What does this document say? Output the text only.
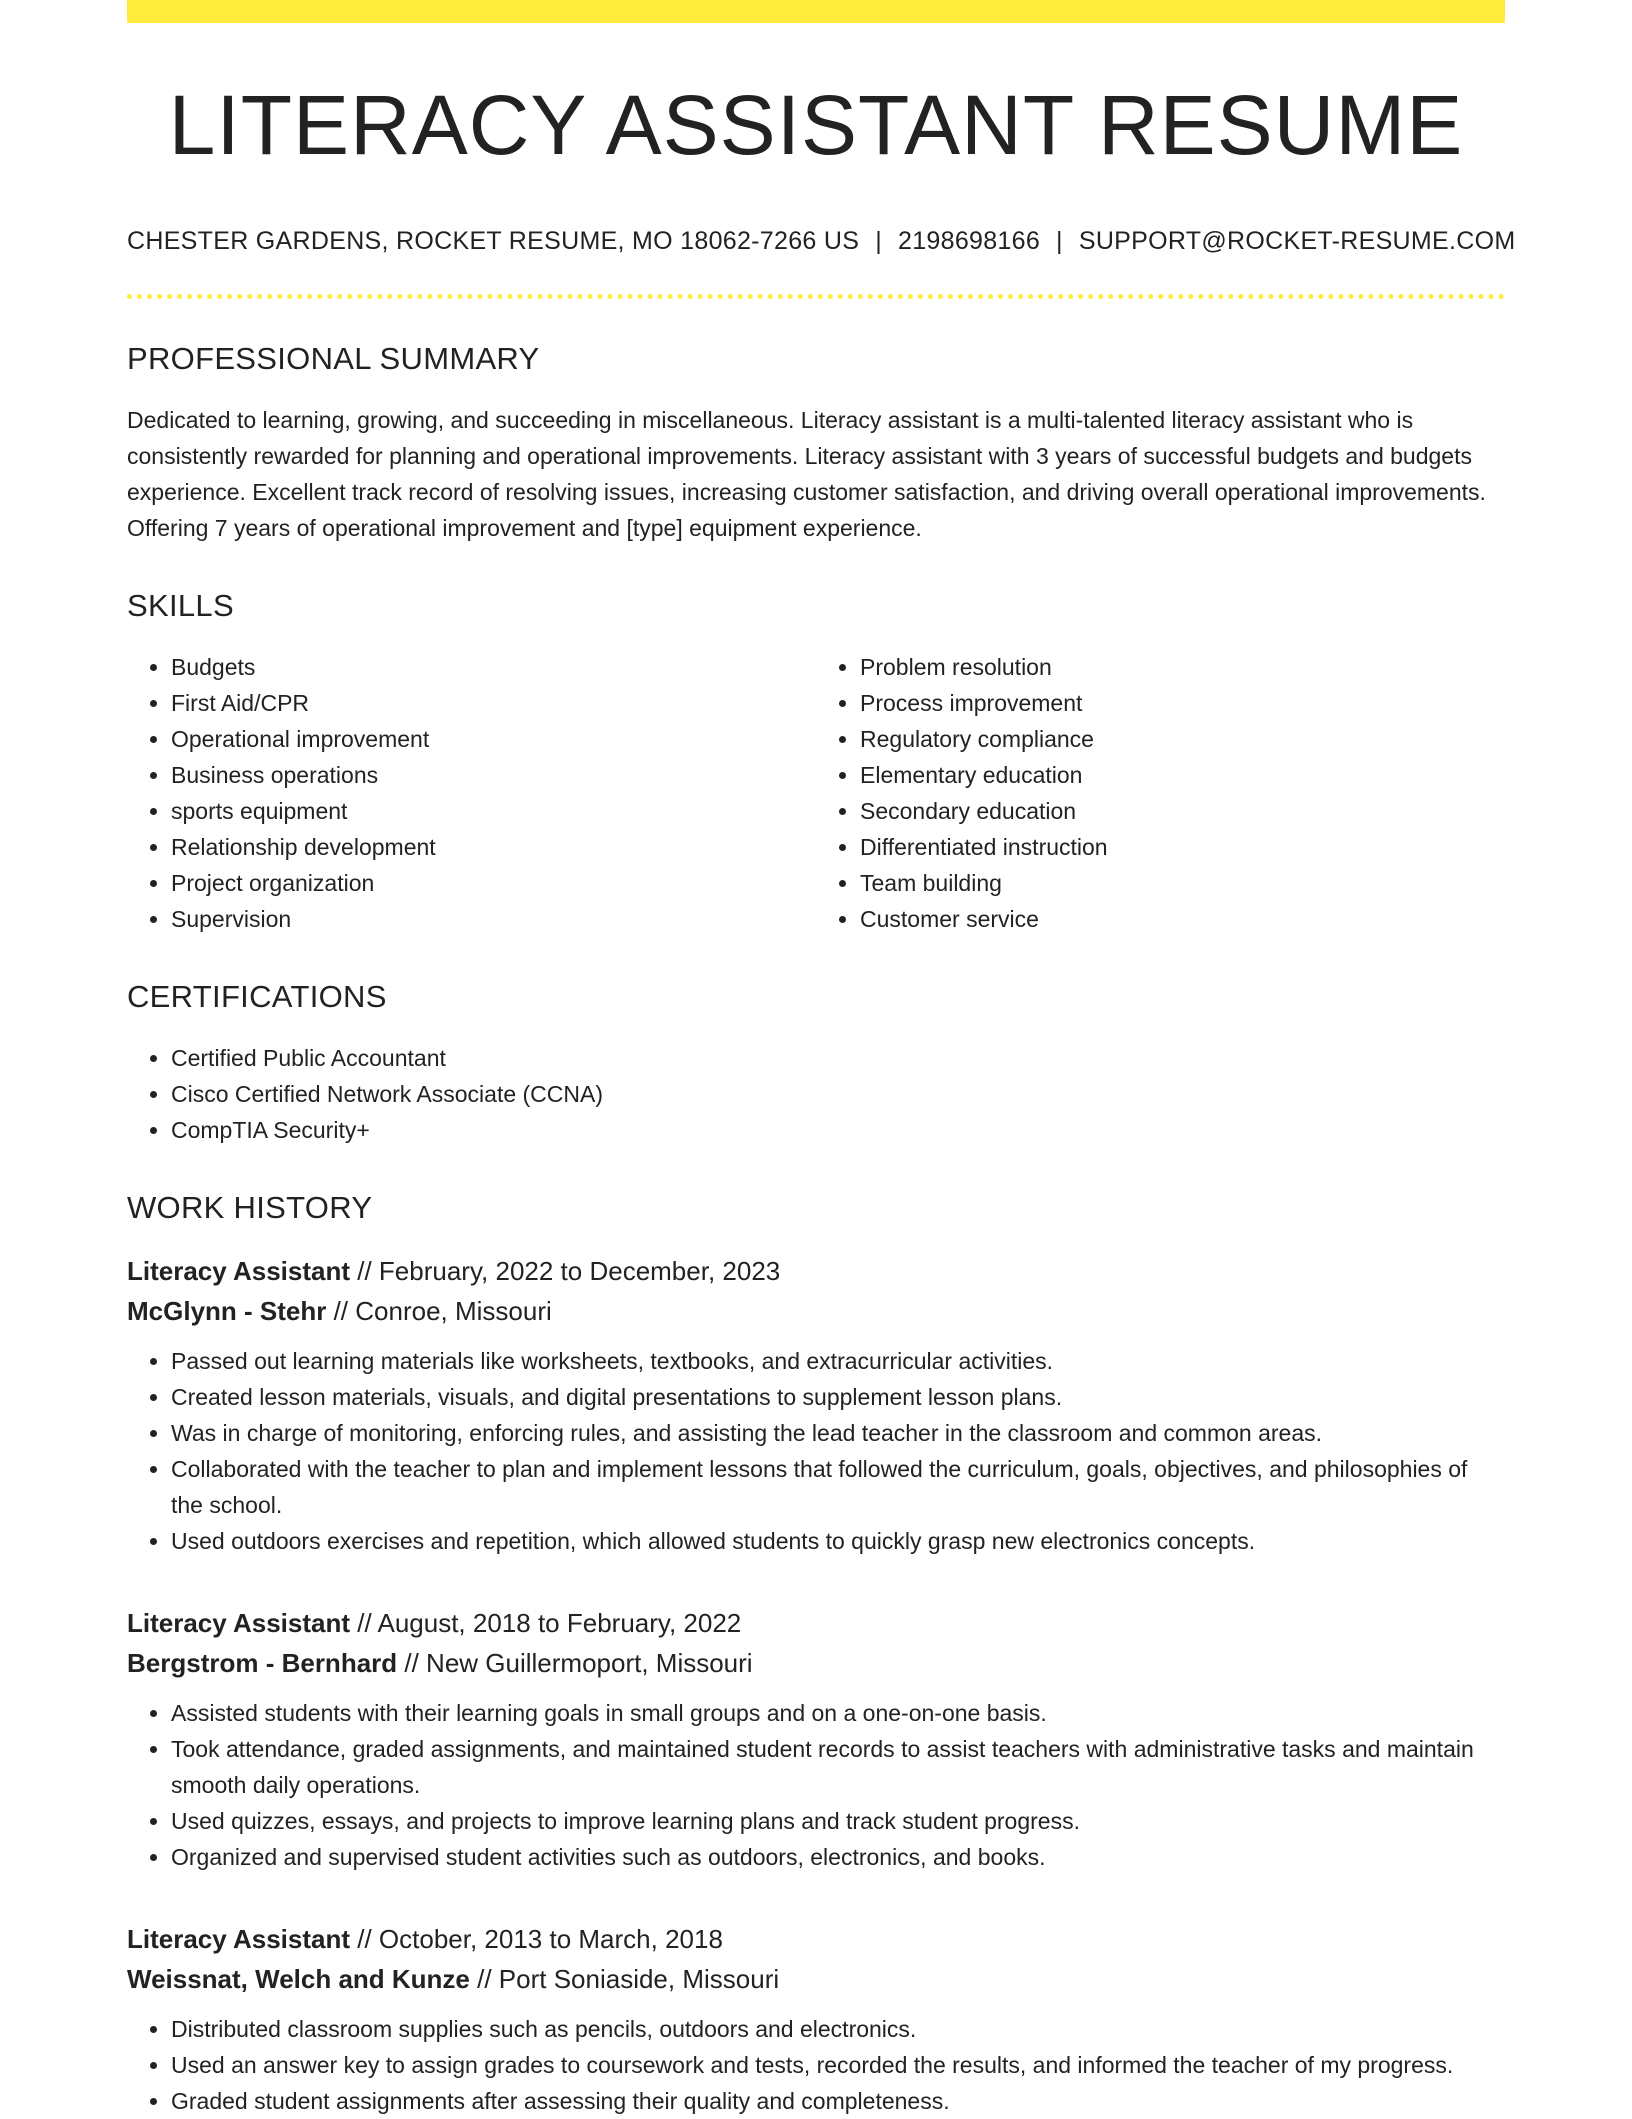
LITERACY ASSISTANT RESUME
CHESTER GARDENS, ROCKET RESUME, MO 18062-7266 US | 2198698166 | SUPPORT@ROCKET-RESUME.COM
PROFESSIONAL SUMMARY

Dedicated to learning, growing, and succeeding in miscellaneous. Literacy assistant is a multi-talented literacy assistant who is consistently rewarded for planning and operational improvements. Literacy assistant with 3 years of successful budgets and budgets experience. Excellent track record of resolving issues, increasing customer satisfaction, and driving overall operational improvements. Offering 7 years of operational improvement and [type] equipment experience.

SKILLS
• Budgets
• First Aid/CPR
• Operational improvement
• Business operations
• sports equipment
• Relationship development
• Project organization
• Supervision
• Problem resolution
• Process improvement
• Regulatory compliance
• Elementary education
• Secondary education
• Differentiated instruction
• Team building
• Customer service
CERTIFICATIONS
• Certified Public Accountant
• Cisco Certified Network Associate (CCNA)
• CompTIA Security+
WORK HISTORY
Literacy Assistant // February, 2022 to December, 2023
McGlynn - Stehr // Conroe, Missouri
• Passed out learning materials like worksheets, textbooks, and extracurricular activities.
• Created lesson materials, visuals, and digital presentations to supplement lesson plans.
• Was in charge of monitoring, enforcing rules, and assisting the lead teacher in the classroom and common areas.
• Collaborated with the teacher to plan and implement lessons that followed the curriculum, goals, objectives, and philosophies of the school.
• Used outdoors exercises and repetition, which allowed students to quickly grasp new electronics concepts.
Literacy Assistant // August, 2018 to February, 2022
Bergstrom - Bernhard // New Guillermoport, Missouri
• Assisted students with their learning goals in small groups and on a one-on-one basis.
• Took attendance, graded assignments, and maintained student records to assist teachers with administrative tasks and maintain smooth daily operations.
• Used quizzes, essays, and projects to improve learning plans and track student progress.
• Organized and supervised student activities such as outdoors, electronics, and books.
Literacy Assistant // October, 2013 to March, 2018
Weissnat, Welch and Kunze // Port Soniaside, Missouri
• Distributed classroom supplies such as pencils, outdoors and electronics.
• Used an answer key to assign grades to coursework and tests, recorded the results, and informed the teacher of my progress.
• Graded student assignments after assessing their quality and completeness.
